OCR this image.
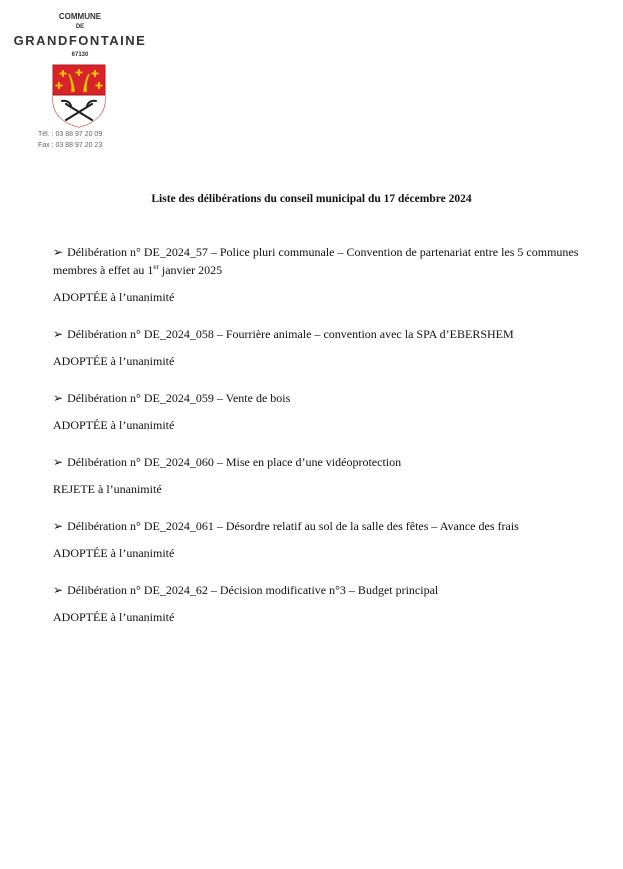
COMMUNE
DE
GRANDFONTAINE
67130
Tél. : 03 88 97 20 09
Fax : 03 88 97 20 23
Liste des délibérations du conseil municipal du 17 décembre 2024

➢ Délibération n° DE_2024_57 – Police pluri communale – Convention de partenariat entre les 5 communes membres à effet au 1er janvier 2025

ADOPTÉE à l’unanimité

➢ Délibération n° DE_2024_058 – Fourrière animale – convention avec la SPA d’EBERSHEM

ADOPTÉE à l’unanimité

➢ Délibération n° DE_2024_059 – Vente de bois

ADOPTÉE à l’unanimité

➢ Délibération n° DE_2024_060 – Mise en place d’une vidéoprotection

REJETE à l’unanimité

➢ Délibération n° DE_2024_061 – Désordre relatif au sol de la salle des fêtes – Avance des frais

ADOPTÉE à l’unanimité

➢ Délibération n° DE_2024_62 – Décision modificative n°3 – Budget principal

ADOPTÉE à l’unanimité
